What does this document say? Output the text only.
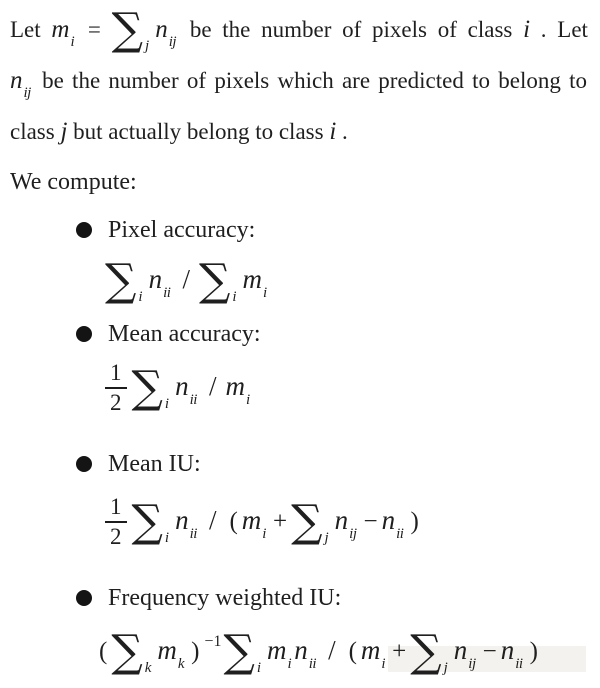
Let $m_i$ = ∑ $_jn_{ij}$ be the number of pixels of class i . Let
$n_{ij}$ be the number of pixels which are predicted to belong to
class j but actually belong to class i .
We compute:
Pixel accuracy:
∑ inii / ∑ imi
Mean accuracy:
$\frac{1}{2}$ ∑ inii / mi
Mean IU:
$\frac{1}{2}$ ∑ inii / ( mi +∑ jnij − nii )
Frequency weighted IU:
(∑ kmk ) −1∑ imi nii / ( mi +∑ jnij − nii )
